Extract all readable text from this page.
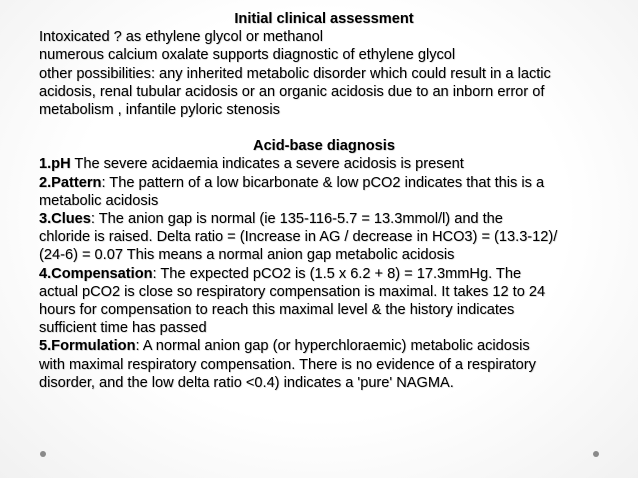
Initial clinical assessment
Intoxicated ? as ethylene glycol or methanol
numerous calcium oxalate supports diagnostic of ethylene glycol
other possibilities: any inherited metabolic disorder which could result in a lactic
acidosis, renal tubular acidosis or an organic acidosis due to an inborn error of
metabolism , infantile pyloric stenosis
Acid-base diagnosis
1.pH The severe acidaemia indicates a severe acidosis is present
2.Pattern: The pattern of a low bicarbonate & low pCO2 indicates that this is a
metabolic acidosis
3.Clues: The anion gap is normal (ie 135-116-5.7 = 13.3mmol/l) and the
chloride is raised. Delta ratio = (Increase in AG / decrease in HCO3) = (13.3-12)/
(24-6) = 0.07 This means a normal anion gap metabolic acidosis
4.Compensation: The expected pCO2 is (1.5 x 6.2 + 8) = 17.3mmHg. The
actual pCO2 is close so respiratory compensation is maximal. It takes 12 to 24
hours for compensation to reach this maximal level & the history indicates
sufficient time has passed
5.Formulation: A normal anion gap (or hyperchloraemic) metabolic acidosis
with maximal respiratory compensation. There is no evidence of a respiratory
disorder, and the low delta ratio <0.4) indicates a 'pure' NAGMA.
